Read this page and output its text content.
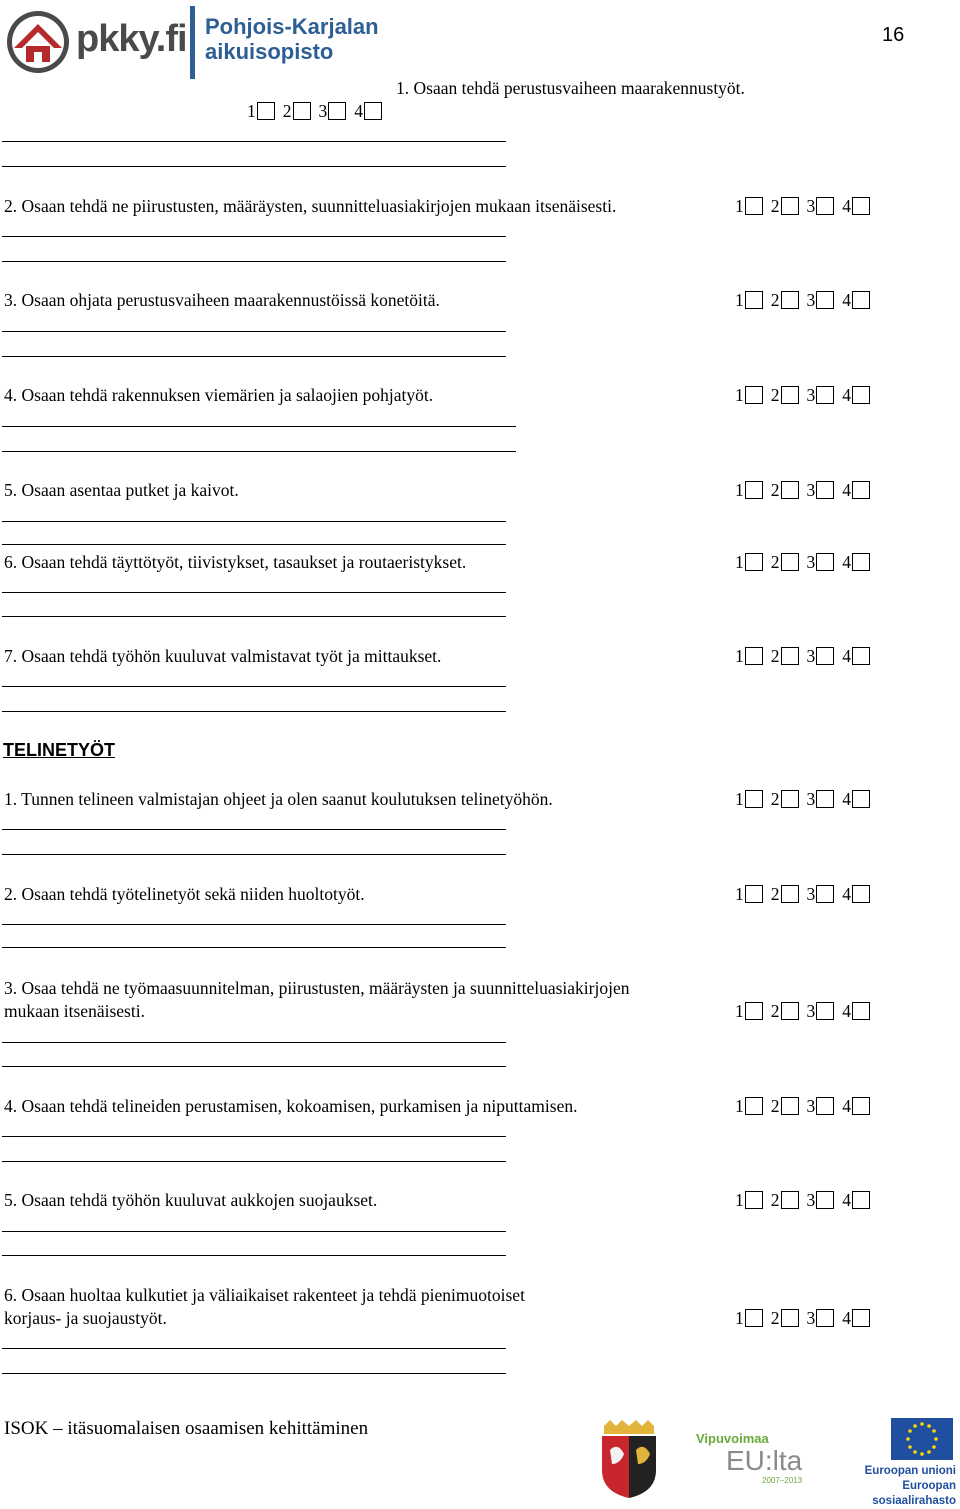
pkky.fi Pohjois-Karjalan
aikuisopisto
16
1. Osaan tehdä perustusvaiheen maarakennustyöt.
1 2 3 4
2. Osaan tehdä ne piirustusten, määräysten, suunnitteluasiakirjojen mukaan itsenäisesti.	1 2 3 4
3. Osaan ohjata perustusvaiheen maarakennustöissä konetöitä.	1 2 3 4
4. Osaan tehdä rakennuksen viemärien ja salaojien pohjatyöt.	1 2 3 4
5. Osaan asentaa putket ja kaivot.	1 2 3 4
6. Osaan tehdä täyttötyöt, tiivistykset, tasaukset ja routaeristykset.	1 2 3 4
7. Osaan tehdä työhön kuuluvat valmistavat työt ja mittaukset.	1 2 3 4
TELINETYÖT
1. Tunnen telineen valmistajan ohjeet ja olen saanut koulutuksen telinetyöhön.	1 2 3 4
2. Osaan tehdä työtelinetyöt sekä niiden huoltotyöt.	1 2 3 4
3. Osaa tehdä ne työmaasuunnitelman, piirustusten, määräysten ja suunnitteluasiakirjojen
mukaan itsenäisesti.	1 2 3 4
4. Osaan tehdä telineiden perustamisen, kokoamisen, purkamisen ja niputtamisen.	1 2 3 4
5. Osaan tehdä työhön kuuluvat aukkojen suojaukset.	1 2 3 4
6. Osaan huoltaa kulkutiet ja väliaikaiset rakenteet ja tehdä pienimuotoiset
korjaus- ja suojaustyöt.	1 2 3 4
ISOK – itäsuomalaisen osaamisen kehittäminen	Vipuvoimaa
EU:lta
2007–2013
Euroopan unioni
Euroopan sosiaalirahasto
